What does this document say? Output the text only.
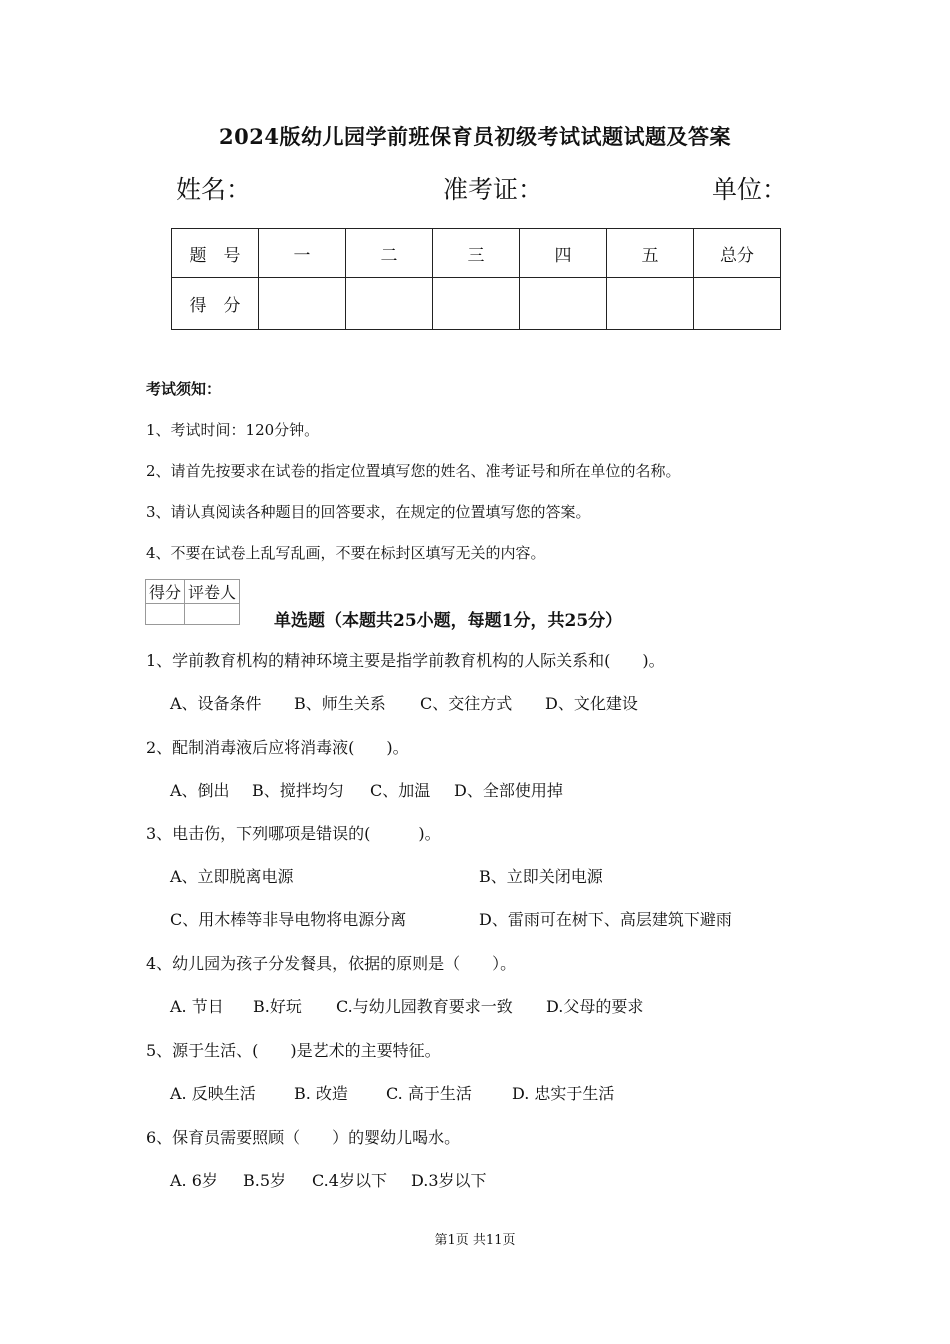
2024版幼儿园学前班保育员初级考试试题试题及答案
姓名：	准考证：	单位：
题　号	一	二	三	四	五	总分
得　分						
考试须知：
1、考试时间：120分钟。
2、请首先按要求在试卷的指定位置填写您的姓名、准考证号和所在单位的名称。
3、请认真阅读各种题目的回答要求，在规定的位置填写您的答案。
4、不要在试卷上乱写乱画，不要在标封区填写无关的内容。
得分	评卷人

单选题（本题共25小题，每题1分，共25分）
1、学前教育机构的精神环境主要是指学前教育机构的人际关系和(　　)。
A、设备条件 B、师生关系 C、交往方式 D、文化建设
2、配制消毒液后应将消毒液(　　)。
A、倒出 B、搅拌均匀 C、加温 D、全部使用掉
3、电击伤，下列哪项是错误的(　　　)。
A、立即脱离电源	B、立即关闭电源
C、用木棒等非导电物将电源分离	D、雷雨可在树下、高层建筑下避雨
4、幼儿园为孩子分发餐具，依据的原则是（　　）。
A. 节日 B.好玩 C.与幼儿园教育要求一致 D.父母的要求
5、源于生活、(　　)是艺术的主要特征。
A. 反映生活 B. 改造 C. 高于生活	D. 忠实于生活
6、保育员需要照顾（　　）的婴幼儿喝水。
A. 6岁 B.5岁 C.4岁以下 D.3岁以下
第1页 共11页
